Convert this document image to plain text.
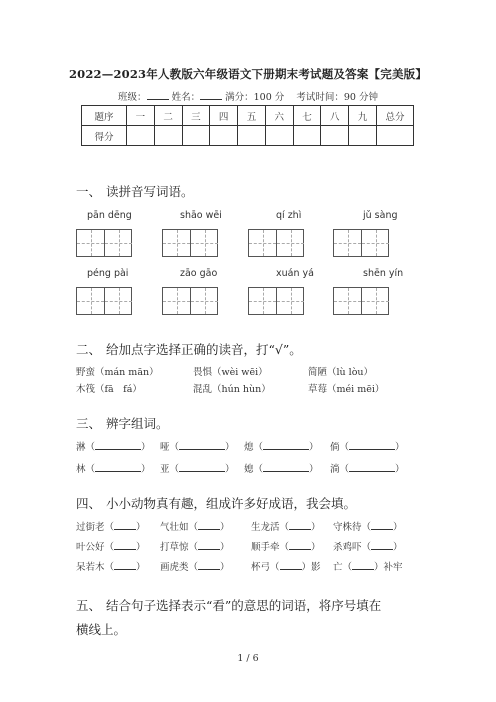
2022—2023年人教版六年级语文下册期末考试题及答案【完美版】
班级：	姓名：	满分：100 分 考试时间：90 分钟
题序	一	二	三	四	五	六	七	八	九	总分
得分										
一、 读拼音写词语。
pān dēng	shāo wēi	qí zhì	jǔ sàng
péng pài	zāo gāo	xuán yá	shēn yín
二、 给加点字选择正确的读音，打“√”。
野蛮（mán mān）	畏惧（wèi wēi）	简陋（lù lòu）
木筏（fā　fá）	混乱（hún hùn）	草莓（méi mēi）
三、 辨字组词。
淋（	） 哑（	） 熄（	） 倘（	）
林（	） 亚（	） 媳（	） 淌（	）
四、 小小动物真有趣，组成许多好成语，我会填。
过街老（ ） 气壮如（ ） 生龙活（ ） 守株待（ ）
叶公好（ ） 打草惊（ ） 顺手牵（ ） 杀鸡吓（ ）
呆若木（ ） 画虎类（ ） 杯弓（ ）影 亡（ ）补牢
五、 结合句子选择表示“看”的意思的词语，将序号填在
横线上。
1 / 6
